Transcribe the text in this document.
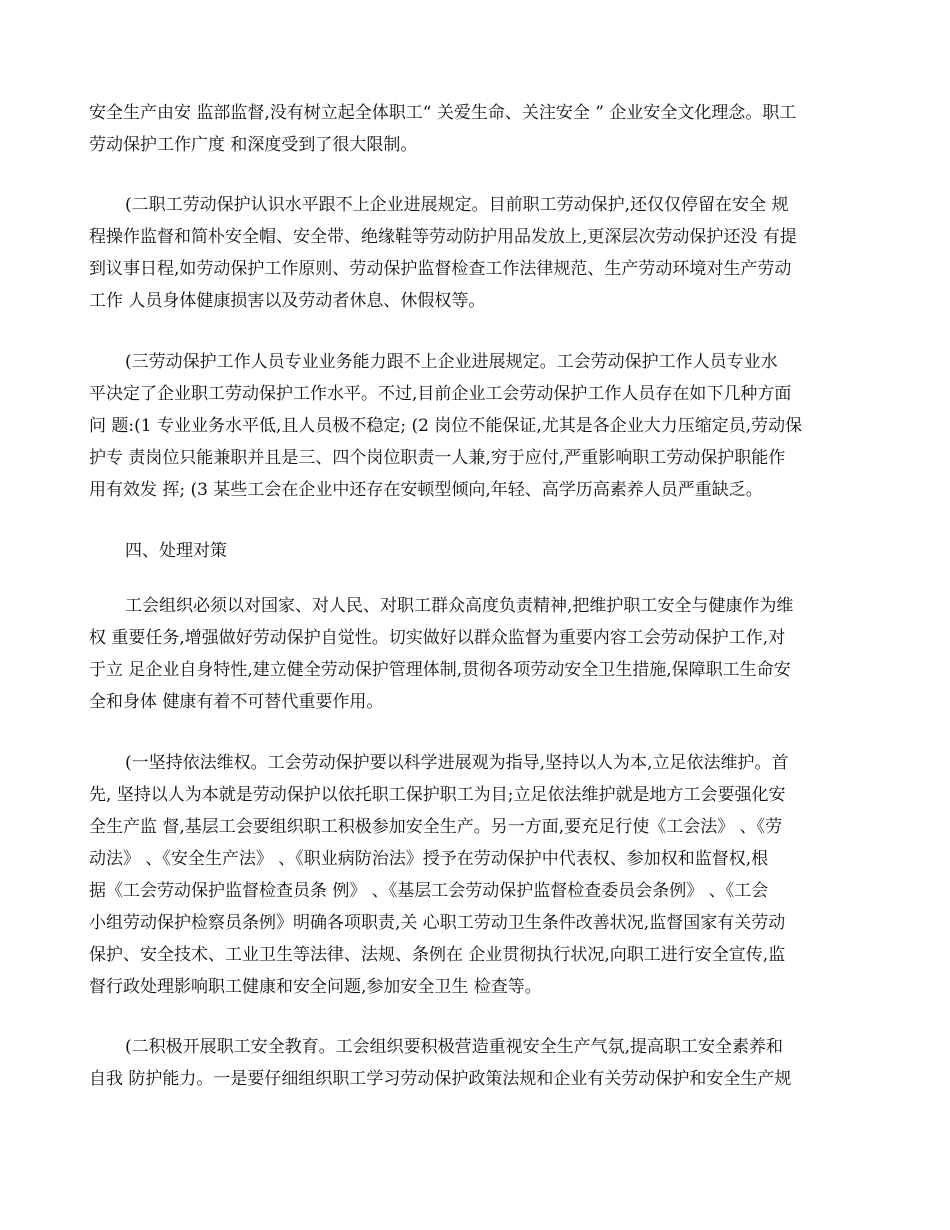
安全生产由安 监部监督,没有树立起全体职工“ 关爱生命、关注安全 ” 企业安全文化理念。职工
劳动保护工作广度 和深度受到了很大限制。
(二职工劳动保护认识水平跟不上企业进展规定。目前职工劳动保护,还仅仅停留在安全 规
程操作监督和简朴安全帽、安全带、绝缘鞋等劳动防护用品发放上,更深层次劳动保护还没 有提
到议事日程,如劳动保护工作原则、劳动保护监督检查工作法律规范、生产劳动环境对生产劳动
工作 人员身体健康损害以及劳动者休息、休假权等。
(三劳动保护工作人员专业业务能力跟不上企业进展规定。工会劳动保护工作人员专业水
平决定了企业职工劳动保护工作水平。不过,目前企业工会劳动保护工作人员存在如下几种方面
问 题:(1 专业业务水平低,且人员极不稳定; (2 岗位不能保证,尤其是各企业大力压缩定员,劳动保
护专 责岗位只能兼职并且是三、四个岗位职责一人兼,穷于应付,严重影响职工劳动保护职能作
用有效发 挥; (3 某些工会在企业中还存在安顿型倾向,年轻、高学历高素养人员严重缺乏。
四、处理对策
工会组织必须以对国家、对人民、对职工群众高度负责精神,把维护职工安全与健康作为维
权 重要任务,增强做好劳动保护自觉性。切实做好以群众监督为重要内容工会劳动保护工作,对
于立 足企业自身特性,建立健全劳动保护管理体制,贯彻各项劳动安全卫生措施,保障职工生命安
全和身体 健康有着不可替代重要作用。
(一坚持依法维权。工会劳动保护要以科学进展观为指导,坚持以人为本,立足依法维护。首
先, 坚持以人为本就是劳动保护以依托职工保护职工为目;立足依法维护就是地方工会要强化安
全生产监 督,基层工会要组织职工积极参加安全生产。另一方面,要充足行使《工会法》 、《劳
动法》 、《安全生产法》 、《职业病防治法》授予在劳动保护中代表权、参加权和监督权,根
据《工会劳动保护监督检查员条 例》 、《基层工会劳动保护监督检查委员会条例》 、《工会
小组劳动保护检察员条例》明确各项职责,关 心职工劳动卫生条件改善状况,监督国家有关劳动
保护、安全技术、工业卫生等法律、法规、条例在 企业贯彻执行状况,向职工进行安全宣传,监
督行政处理影响职工健康和安全问题,参加安全卫生 检查等。
(二积极开展职工安全教育。工会组织要积极营造重视安全生产气氛,提高职工安全素养和
自我 防护能力。一是要仔细组织职工学习劳动保护政策法规和企业有关劳动保护和安全生产规
